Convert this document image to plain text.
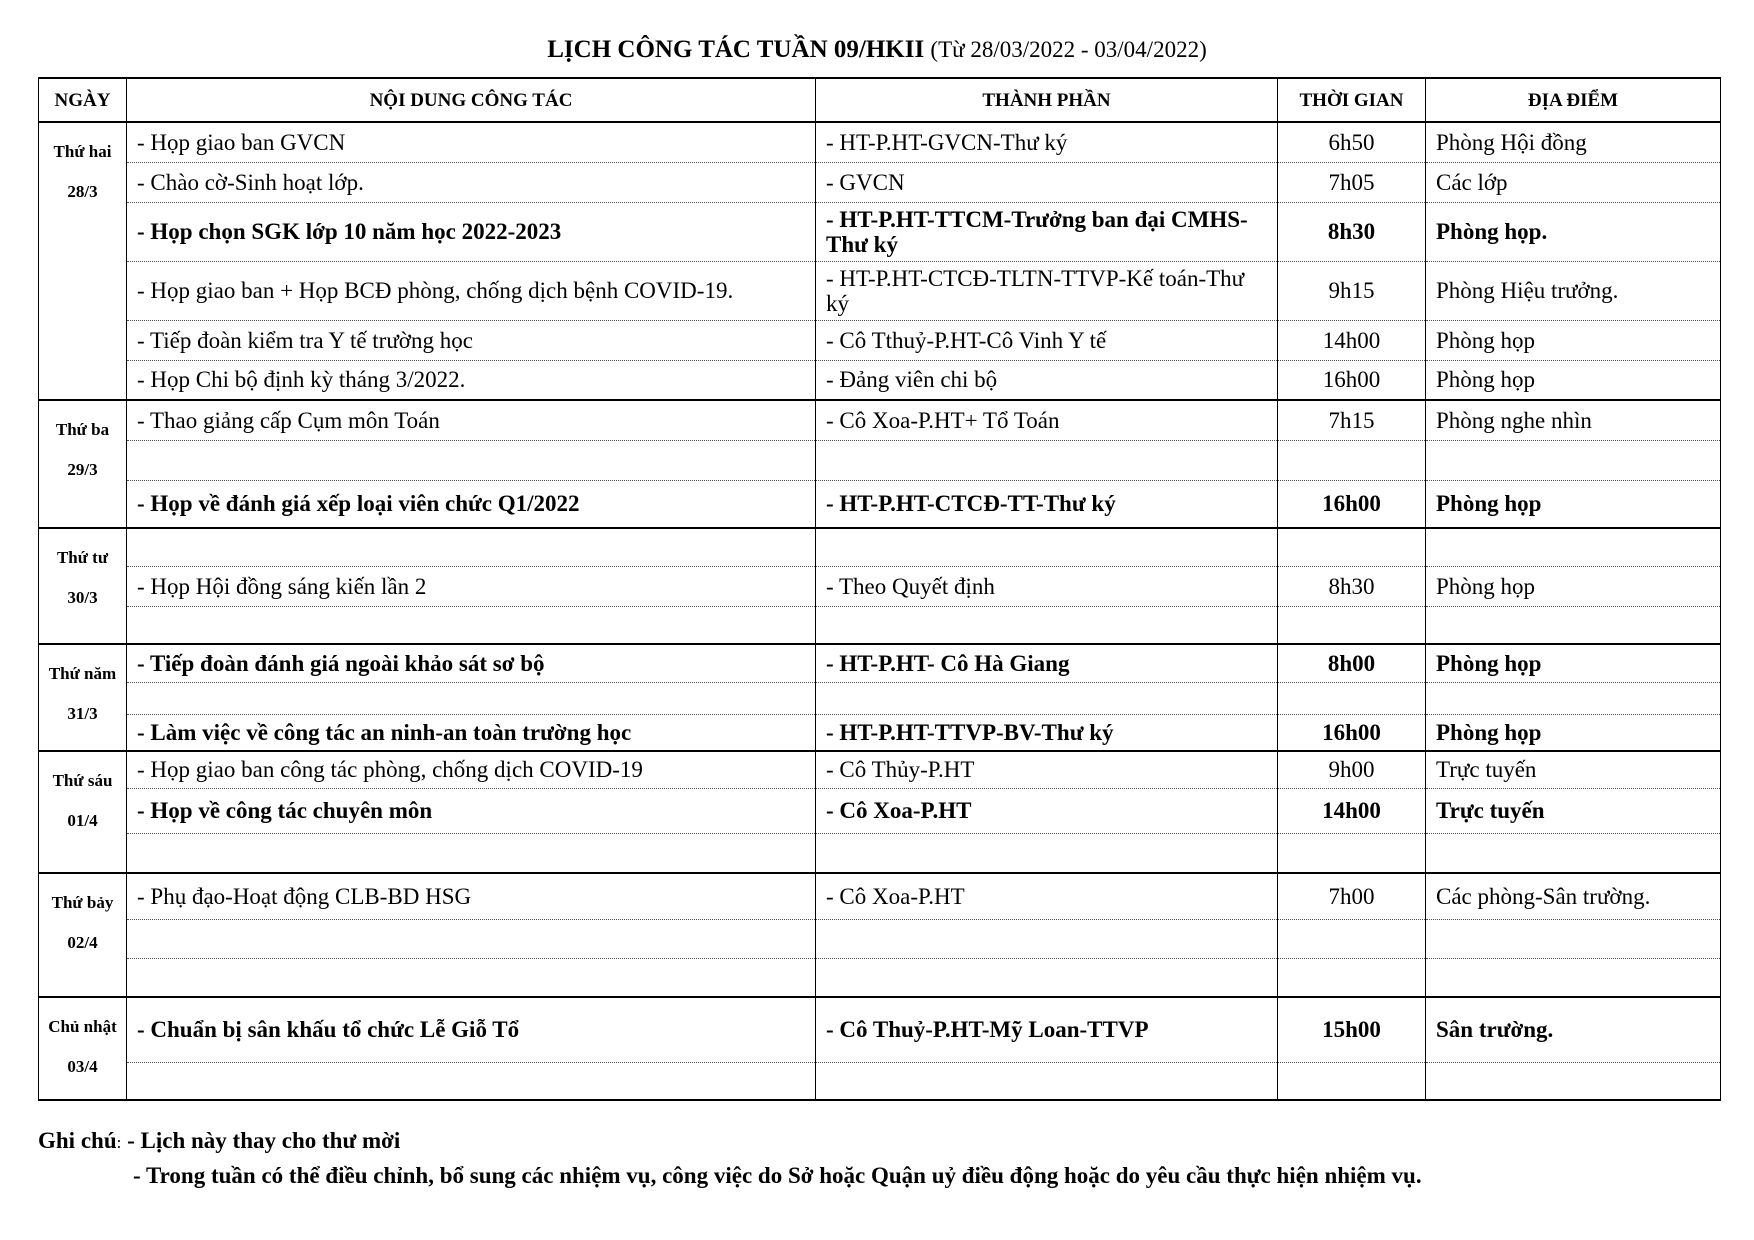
LỊCH CÔNG TÁC TUẦN 09/HKII (Từ 28/03/2022 - 03/04/2022)
NGÀY	NỘI DUNG CÔNG TÁC	THÀNH PHẦN	THỜI GIAN	ĐỊA ĐIỂM

Thứ hai
28/3	- Họp giao ban GVCN	- HT-P.HT-GVCN-Thư ký	6h50	Phòng Hội đồng
	- Chào cờ-Sinh hoạt lớp.	- GVCN	7h05	Các lớp
	- Họp chọn SGK lớp 10 năm học 2022-2023	- HT-P.HT-TTCM-Trưởng ban đại CMHS-Thư ký	8h30	Phòng họp.
	- Họp giao ban + Họp BCĐ phòng, chống dịch bệnh COVID-19.	- HT-P.HT-CTCĐ-TLTN-TTVP-Kế toán-Thư ký	9h15	Phòng Hiệu trưởng.
	- Tiếp đoàn kiểm tra Y tế trường học	- Cô Tthuỷ-P.HT-Cô Vinh Y tế	14h00	Phòng họp
	- Họp Chi bộ định kỳ tháng 3/2022.	- Đảng viên chi bộ	16h00	Phòng họp

Thứ ba
29/3	- Thao giảng cấp Cụm môn Toán	- Cô Xoa-P.HT+ Tổ Toán	7h15	Phòng nghe nhìn

	- Họp về đánh giá xếp loại viên chức Q1/2022	- HT-P.HT-CTCĐ-TT-Thư ký	16h00	Phòng họp

Thứ tư
30/3				

	- Họp Hội đồng sáng kiến lần 2	- Theo Quyết định	8h30	Phòng họp

Thứ năm
31/3	- Tiếp đoàn đánh giá ngoài khảo sát sơ bộ	- HT-P.HT- Cô Hà Giang	8h00	Phòng họp

	- Làm việc về công tác an ninh-an toàn trường học	- HT-P.HT-TTVP-BV-Thư ký	16h00	Phòng họp

Thứ sáu
01/4	- Họp giao ban công tác phòng, chống dịch COVID-19	- Cô Thủy-P.HT	9h00	Trực tuyến
	- Họp về công tác chuyên môn	- Cô Xoa-P.HT	14h00	Trực tuyến

Thứ bảy
02/4	- Phụ đạo-Hoạt động CLB-BD HSG	- Cô Xoa-P.HT	7h00	Các phòng-Sân trường.

Chủ nhật
03/4	- Chuẩn bị sân khấu tổ chức Lễ Giỗ Tổ	- Cô Thuỷ-P.HT-Mỹ Loan-TTVP	15h00	Sân trường.

Ghi chú: - Lịch này thay cho thư mời
- Trong tuần có thể điều chỉnh, bổ sung các nhiệm vụ, công việc do Sở hoặc Quận uỷ điều động hoặc do yêu cầu thực hiện nhiệm vụ.
